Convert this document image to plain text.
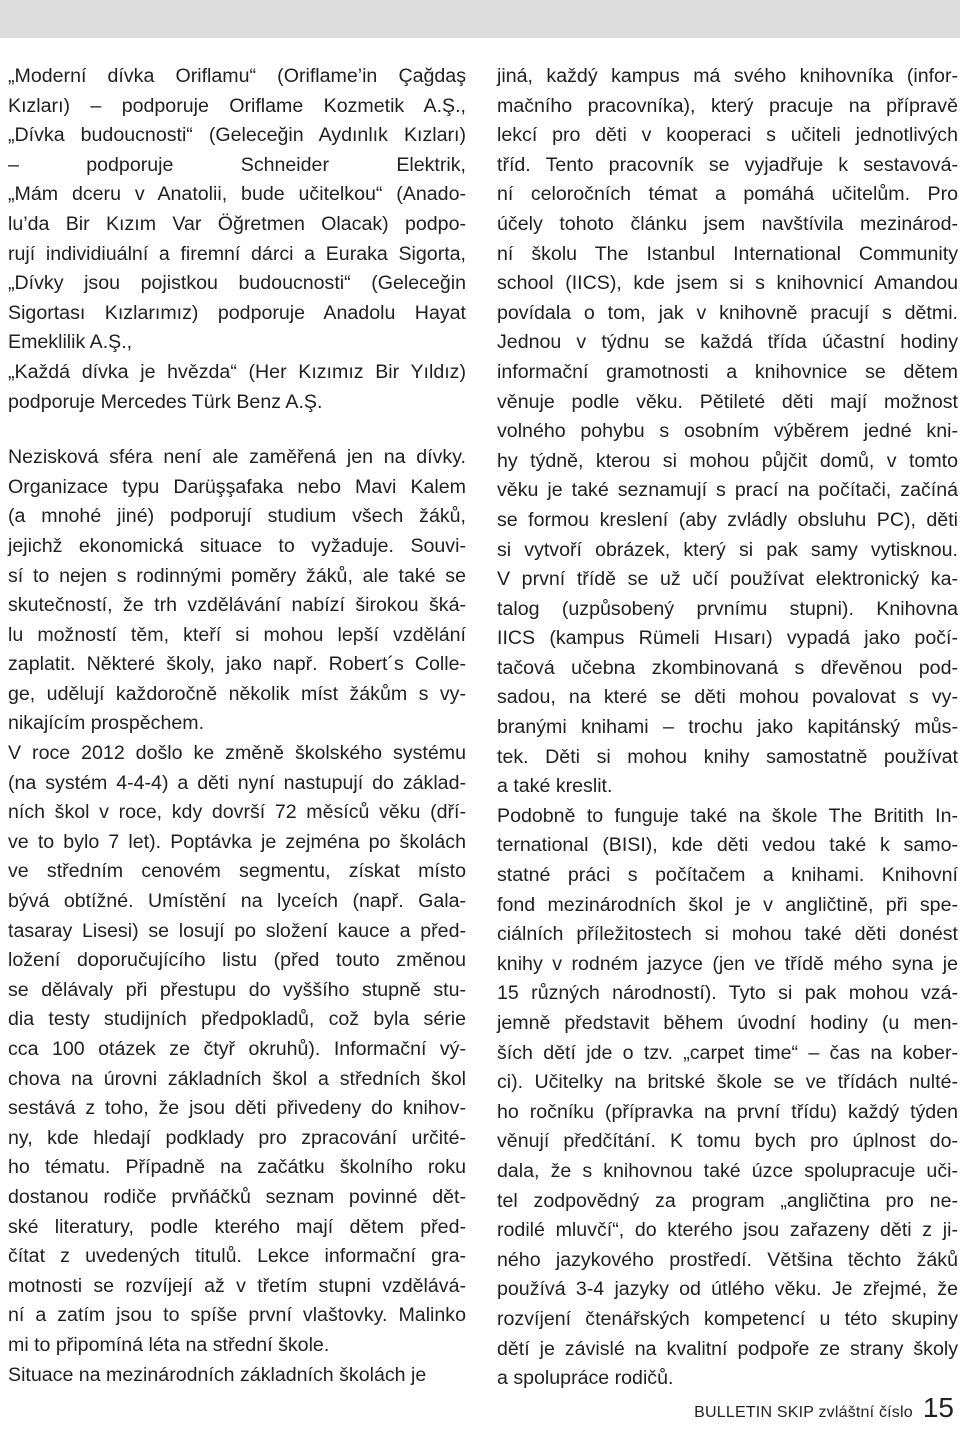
„Moderní dívka Oriflamu“ (Oriflame’in Çağdaş
Kızları) – podporuje Oriflame Kozmetik A.Ş.,
„Dívka budoucnosti“ (Geleceğin Aydınlık Kızları)
– podporuje Schneider Elektrik,
„Mám dceru v Anatolii, bude učitelkou“ (Anado-
lu’da Bir Kızım Var Öğretmen Olacak) podpo-
rují individiuální a firemní dárci a Euraka Sigorta,
„Dívky jsou pojistkou budoucnosti“ (Geleceğin
Sigortası Kızlarımız) podporuje Anadolu Hayat
Emeklilik A.Ş.,
„Každá dívka je hvězda“ (Her Kızımız Bir Yıldız)
podporuje Mercedes Türk Benz A.Ş.
Nezisková sféra není ale zaměřená jen na dívky.
Organizace typu Darüşşafaka nebo Mavi Kalem
(a mnohé jiné) podporují studium všech žáků,
jejichž ekonomická situace to vyžaduje. Souvi-
sí to nejen s rodinnými poměry žáků, ale také se
skutečností, že trh vzdělávání nabízí širokou šká-
lu možností těm, kteří si mohou lepší vzdělání
zaplatit. Některé školy, jako např. Robert´s Colle-
ge, udělují každoročně několik míst žákům s vy-
nikajícím prospěchem.
V roce 2012 došlo ke změně školského systému
(na systém 4-4-4) a děti nyní nastupují do základ-
ních škol v roce, kdy dovrší 72 měsíců věku (dří-
ve to bylo 7 let). Poptávka je zejména po školách
ve středním cenovém segmentu, získat místo
bývá obtížné. Umístění na lyceích (např. Gala-
tasaray Lisesi) se losují po složení kauce a před-
ložení doporučujícího listu (před touto změnou
se dělávaly při přestupu do vyššího stupně stu-
dia testy studijních předpokladů, což byla série
cca 100 otázek ze čtyř okruhů). Informační vý-
chova na úrovni základních škol a středních škol
sestává z toho, že jsou děti přivedeny do knihov-
ny, kde hledají podklady pro zpracování určité-
ho tématu. Případně na začátku školního roku
dostanou rodiče prvňáčků seznam povinné dět-
ské literatury, podle kterého mají dětem před-
čítat z uvedených titulů. Lekce informační gra-
motnosti se rozvíjejí až v třetím stupni vzdělává-
ní a zatím jsou to spíše první vlaštovky. Malinko
mi to připomíná léta na střední škole.
Situace na mezinárodních základních školách je
jiná, každý kampus má svého knihovníka (infor-
mačního pracovníka), který pracuje na přípravě
lekcí pro děti v kooperaci s učiteli jednotlivých
tříd. Tento pracovník se vyjadřuje k sestavová-
ní celoročních témat a pomáhá učitelům. Pro
účely tohoto článku jsem navštívila mezinárod-
ní školu The Istanbul International Community
school (IICS), kde jsem si s knihovnicí Amandou
povídala o tom, jak v knihovně pracují s dětmi.
Jednou v týdnu se každá třída účastní hodiny
informační gramotnosti a knihovnice se dětem
věnuje podle věku. Pětileté děti mají možnost
volného pohybu s osobním výběrem jedné kni-
hy týdně, kterou si mohou půjčit domů, v tomto
věku je také seznamují s prací na počítači, začíná
se formou kreslení (aby zvládly obsluhu PC), děti
si vytvoří obrázek, který si pak samy vytisknou.
V první třídě se už učí používat elektronický ka-
talog (uzpůsobený prvnímu stupni). Knihovna
IICS (kampus Rümeli Hısarı) vypadá jako počí-
tačová učebna zkombinovaná s dřevěnou pod-
sadou, na které se děti mohou povalovat s vy-
branými knihami – trochu jako kapitánský můs-
tek. Děti si mohou knihy samostatně používat
a také kreslit.
Podobně to funguje také na škole The Britith In-
ternational (BISI), kde děti vedou také k samo-
statné práci s počítačem a knihami. Knihovní
fond mezinárodních škol je v angličtině, při spe-
ciálních příležitostech si mohou také děti donést
knihy v rodném jazyce (jen ve třídě mého syna je
15 různých národností). Tyto si pak mohou vzá-
jemně představit během úvodní hodiny (u men-
ších dětí jde o tzv. „carpet time“ – čas na kober-
ci). Učitelky na britské škole se ve třídách nulté-
ho ročníku (přípravka na první třídu) každý týden
věnují předčítání. K tomu bych pro úplnost do-
dala, že s knihovnou také úzce spolupracuje uči-
tel zodpovědný za program „angličtina pro ne-
rodilé mluvčí“, do kterého jsou zařazeny děti z ji-
ného jazykového prostředí. Většina těchto žáků
používá 3-4 jazyky od útlého věku. Je zřejmé, že
rozvíjení čtenářských kompetencí u této skupiny
dětí je závislé na kvalitní podpoře ze strany školy
a spolupráce rodičů.
BULLETIN SKIP zvláštní číslo 15
